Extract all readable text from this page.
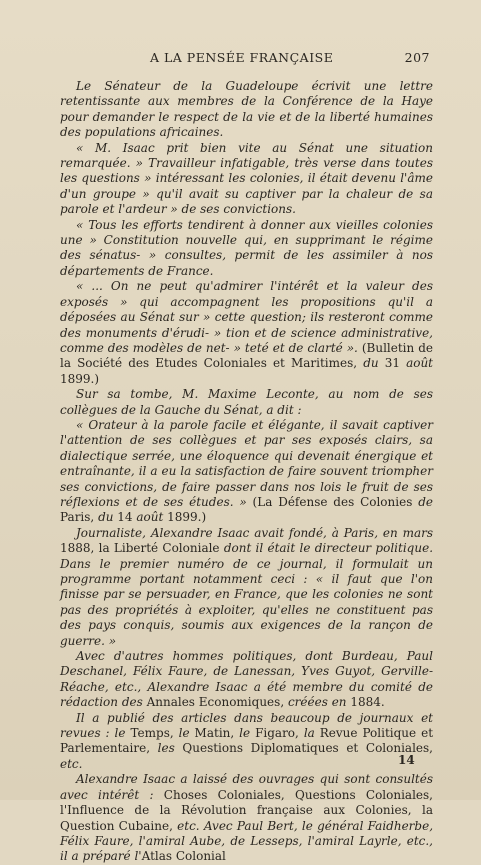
A LA PENSÉE FRANÇAISE	207

Le Sénateur de la Guadeloupe écrivit une lettre retentissante aux membres de la Conférence de la Haye pour demander le respect de la vie et de la liberté humaines des populations africaines.

« M. Isaac prit bien vite au Sénat une situation remarquée. » Travailleur infatigable, très verse dans toutes les questions » intéressant les colonies, il était devenu l'âme d'un groupe » qu'il avait su captiver par la chaleur de sa parole et l'ardeur » de ses convictions.

« Tous les efforts tendirent à donner aux vieilles colonies une » Constitution nouvelle qui, en supprimant le régime des sénatus- » consultes, permit de les assimiler à nos départements de France.

« ... On ne peut qu'admirer l'intérêt et la valeur des exposés » qui accompagnent les propositions qu'il a déposées au Sénat sur » cette question; ils resteront comme des monuments d'érudi- » tion et de science administrative, comme des modèles de net- » teté et de clarté ». (Bulletin de la Société des Etudes Coloniales et Maritimes, du 31 août 1899.)

Sur sa tombe, M. Maxime Leconte, au nom de ses collègues de la Gauche du Sénat, a dit :

« Orateur à la parole facile et élégante, il savait captiver l'attention de ses collègues et par ses exposés clairs, sa dialectique serrée, une éloquence qui devenait énergique et entraînante, il a eu la satisfaction de faire souvent triompher ses convictions, de faire passer dans nos lois le fruit de ses réflexions et de ses études. » (La Défense des Colonies de Paris, du 14 août 1899.)

Journaliste, Alexandre Isaac avait fondé, à Paris, en mars 1888, la Liberté Coloniale dont il était le directeur politique. Dans le premier numéro de ce journal, il formulait un programme portant notamment ceci : « il faut que l'on finisse par se persuader, en France, que les colonies ne sont pas des propriétés à exploiter, qu'elles ne constituent pas des pays conquis, soumis aux exigences de la rançon de guerre. »

Avec d'autres hommes politiques, dont Burdeau, Paul Deschanel, Félix Faure, de Lanessan, Yves Guyot, Gerville-Réache, etc., Alexandre Isaac a été membre du comité de rédaction des Annales Economiques, créées en 1884.

Il a publié des articles dans beaucoup de journaux et revues : le Temps, le Matin, le Figaro, la Revue Politique et Parlementaire, les Questions Diplomatiques et Coloniales, etc.

Alexandre Isaac a laissé des ouvrages qui sont consultés avec intérêt : Choses Coloniales, Questions Coloniales, l'Influence de la Révolution française aux Colonies, la Question Cubaine, etc. Avec Paul Bert, le général Faidherbe, Félix Faure, l'amiral Aube, de Lesseps, l'amiral Layrle, etc., il a préparé l'Atlas Colonial

14
